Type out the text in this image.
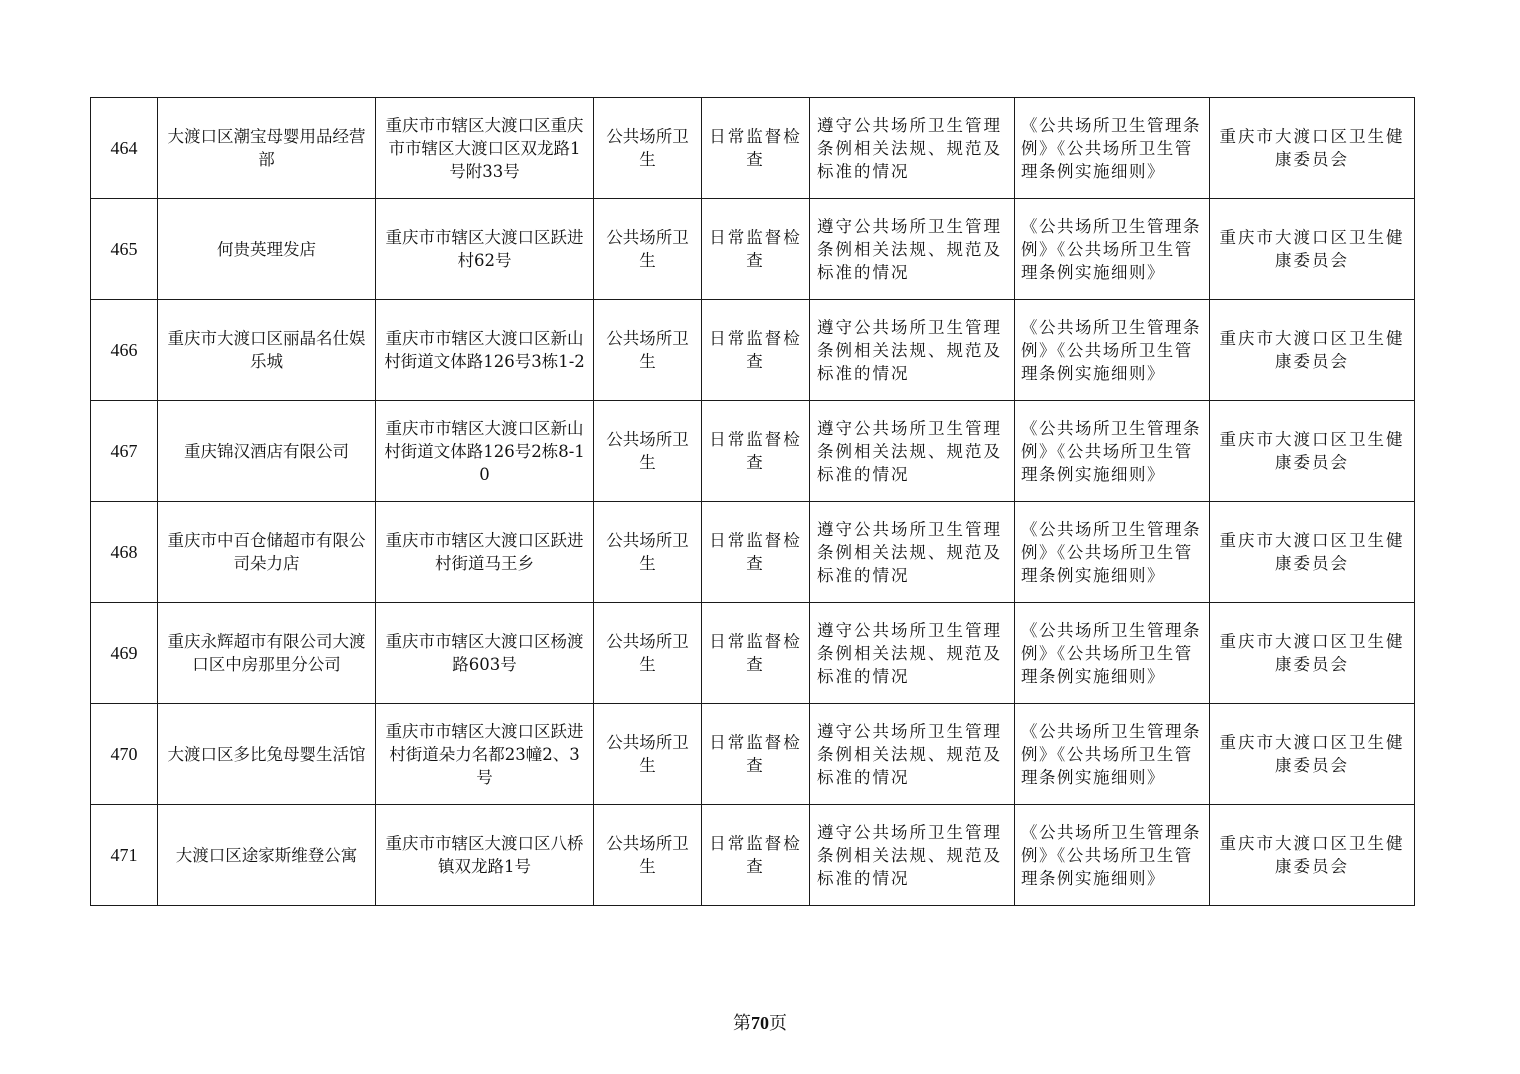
464	大渡口区潮宝母婴用品经营部	重庆市市辖区大渡口区重庆市市辖区大渡口区双龙路1号附33号	公共场所卫生	日常监督检查	遵守公共场所卫生管理条例相关法规、规范及标准的情况	《公共场所卫生管理条例》《公共场所卫生管理条例实施细则》	重庆市大渡口区卫生健康委员会
465	何贵英理发店	重庆市市辖区大渡口区跃进村62号	公共场所卫生	日常监督检查	遵守公共场所卫生管理条例相关法规、规范及标准的情况	《公共场所卫生管理条例》《公共场所卫生管理条例实施细则》	重庆市大渡口区卫生健康委员会
466	重庆市大渡口区丽晶名仕娱乐城	重庆市市辖区大渡口区新山村街道文体路126号3栋1-2	公共场所卫生	日常监督检查	遵守公共场所卫生管理条例相关法规、规范及标准的情况	《公共场所卫生管理条例》《公共场所卫生管理条例实施细则》	重庆市大渡口区卫生健康委员会
467	重庆锦汉酒店有限公司	重庆市市辖区大渡口区新山村街道文体路126号2栋8-10	公共场所卫生	日常监督检查	遵守公共场所卫生管理条例相关法规、规范及标准的情况	《公共场所卫生管理条例》《公共场所卫生管理条例实施细则》	重庆市大渡口区卫生健康委员会
468	重庆市中百仓储超市有限公司朵力店	重庆市市辖区大渡口区跃进村街道马王乡	公共场所卫生	日常监督检查	遵守公共场所卫生管理条例相关法规、规范及标准的情况	《公共场所卫生管理条例》《公共场所卫生管理条例实施细则》	重庆市大渡口区卫生健康委员会
469	重庆永辉超市有限公司大渡口区中房那里分公司	重庆市市辖区大渡口区杨渡路603号	公共场所卫生	日常监督检查	遵守公共场所卫生管理条例相关法规、规范及标准的情况	《公共场所卫生管理条例》《公共场所卫生管理条例实施细则》	重庆市大渡口区卫生健康委员会
470	大渡口区多比兔母婴生活馆	重庆市市辖区大渡口区跃进村街道朵力名都23幢2、3号	公共场所卫生	日常监督检查	遵守公共场所卫生管理条例相关法规、规范及标准的情况	《公共场所卫生管理条例》《公共场所卫生管理条例实施细则》	重庆市大渡口区卫生健康委员会
471	大渡口区途家斯维登公寓	重庆市市辖区大渡口区八桥镇双龙路1号	公共场所卫生	日常监督检查	遵守公共场所卫生管理条例相关法规、规范及标准的情况	《公共场所卫生管理条例》《公共场所卫生管理条例实施细则》	重庆市大渡口区卫生健康委员会
第70页
